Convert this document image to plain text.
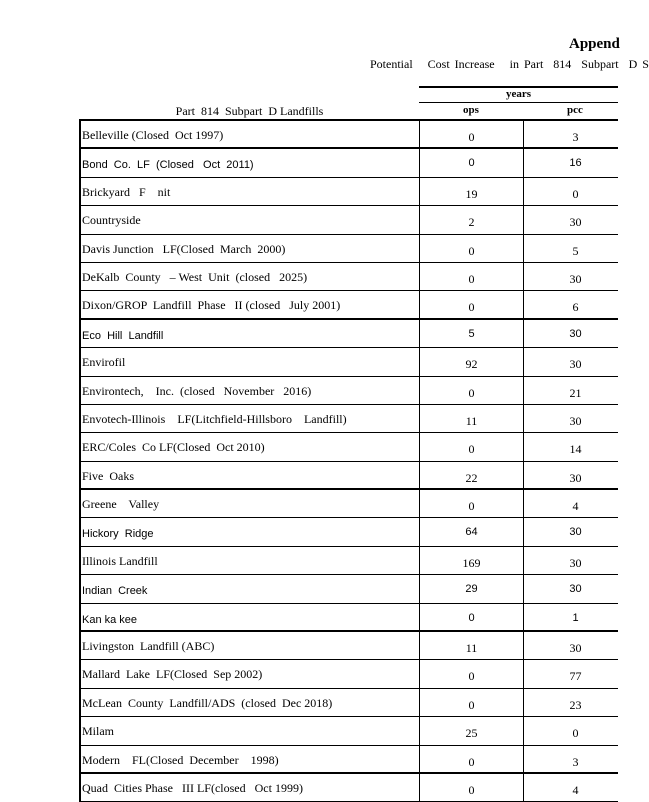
Append
Potential   Cost Increase   in Part  814  Subpart  D S
years
Part  814  Subpart  D Landfills	ops	pcc
Belleville (Closed  Oct 1997)	0	3
Bond  Co.  LF  (Closed   Oct  2011)	0	16
Brickyard   F    nit	19	0
Countryside	2	30
Davis Junction   LF(Closed  March  2000)	0	5
DeKalb  County   – West  Unit  (closed   2025)	0	30
Dixon/GROP  Landfill  Phase   II (closed   July 2001)	0	6
Eco  Hill  Landfill	5	30
Envirofil	92	30
Environtech,    Inc.  (closed   November   2016)	0	21
Envotech-Illinois    LF(Litchfield-Hillsboro    Landfill)	11	30
ERC/Coles  Co LF(Closed  Oct 2010)	0	14
Five  Oaks	22	30
Greene    Valley	0	4
Hickory  Ridge	64	30
Illinois Landfill	169	30
Indian  Creek	29	30
Kan ka kee	0	1
Livingston  Landfill (ABC)	11	30
Mallard  Lake  LF(Closed  Sep 2002)	0	77
McLean  County  Landfill/ADS  (closed  Dec 2018)	0	23
Milam	25	0
Modern    FL(Closed  December    1998)	0	3
Quad  Cities Phase   III LF(closed   Oct 1999)	0	4
